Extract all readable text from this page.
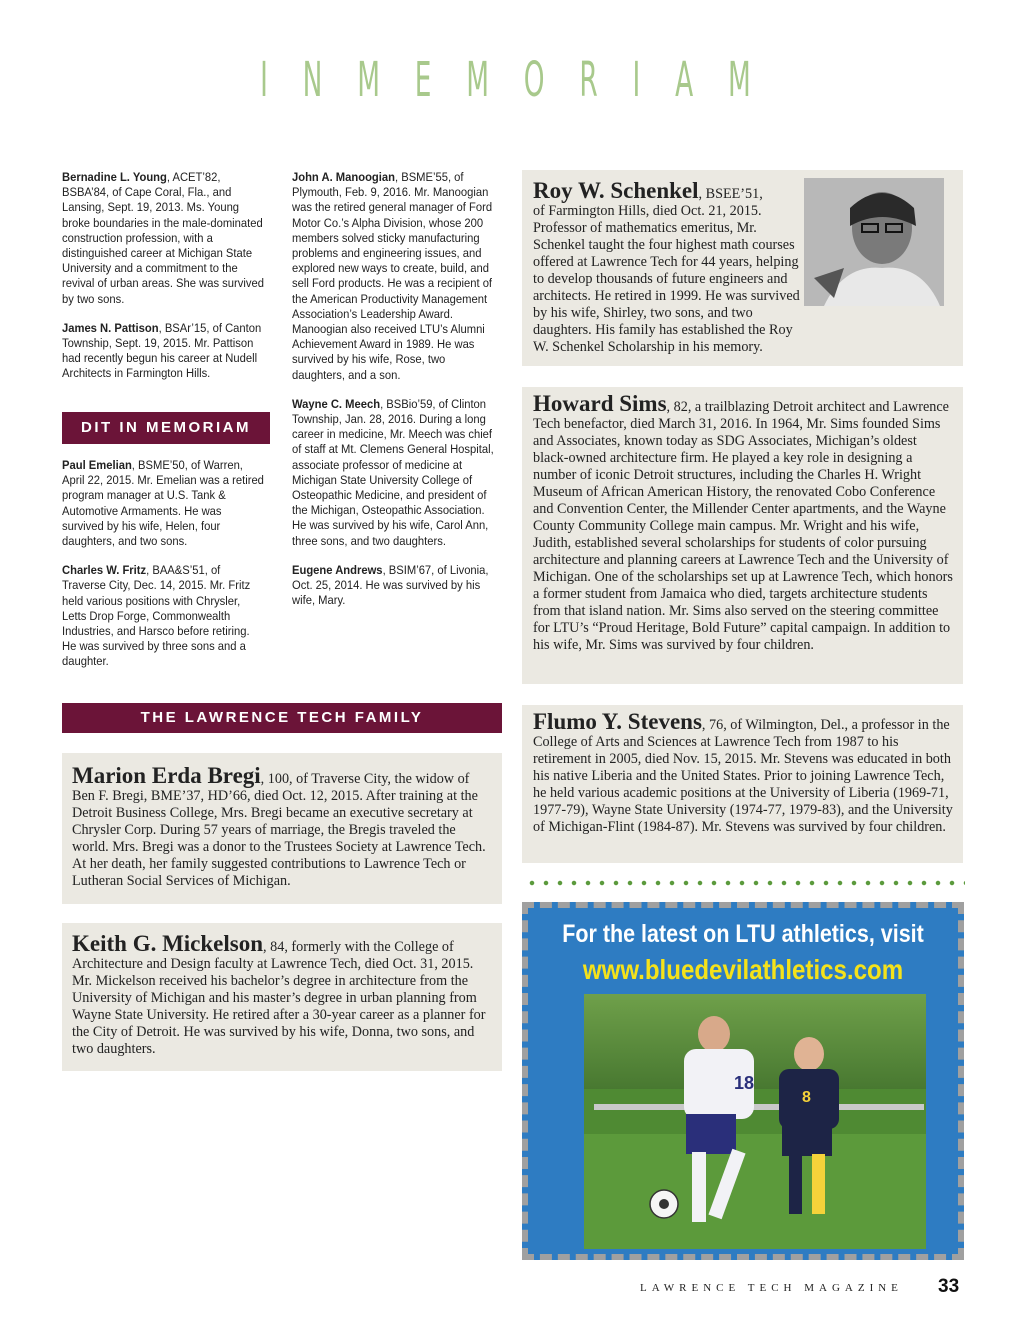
I N M E M O R I A M

Bernadine L. Young, ACET’82, BSBA’84, of Cape Coral, Fla., and Lansing, Sept. 19, 2013. Ms. Young broke boundaries in the male-dominated construction profession, with a distinguished career at Michigan State University and a commitment to the revival of urban areas. She was survived by two sons.

James N. Pattison, BSAr’15, of Canton Township, Sept. 19, 2015. Mr. Pattison had recently begun his career at Nudell Architects in Farmington Hills.

DIT IN MEMORIAM

Paul Emelian, BSME’50, of Warren, April 22, 2015. Mr. Emelian was a retired program manager at U.S. Tank & Automotive Armaments. He was survived by his wife, Helen, four daughters, and two sons.

Charles W. Fritz, BAA&S’51, of Traverse City, Dec. 14, 2015. Mr. Fritz held various positions with Chrysler, Letts Drop Forge, Commonwealth Industries, and Harsco before retiring. He was survived by three sons and a daughter.

John A. Manoogian, BSME’55, of Plymouth, Feb. 9, 2016. Mr. Manoogian was the retired general manager of Ford Motor Co.’s Alpha Division, whose 200 members solved sticky manufacturing problems and engineering issues, and explored new ways to create, build, and sell Ford products. He was a recipient of the American Productivity Management Association’s Leadership Award. Manoogian also received LTU’s Alumni Achievement Award in 1989. He was survived by his wife, Rose, two daughters, and a son.

Wayne C. Meech, BSBio’59, of Clinton Township, Jan. 28, 2016. During a long career in medicine, Mr. Meech was chief of staff at Mt. Clemens General Hospital, associate professor of medicine at Michigan State University College of Osteopathic Medicine, and president of the Michigan, Osteopathic Association. He was survived by his wife, Carol Ann, three sons, and two daughters.

Eugene Andrews, BSIM’67, of Livonia, Oct. 25, 2014. He was survived by his wife, Mary.

Roy W. Schenkel, BSEE’51,
of Farmington Hills, died Oct. 21, 2015. Professor of mathematics emeritus, Mr. Schenkel taught the four highest math courses offered at Lawrence Tech for 44 years, helping to develop thousands of future engineers and architects. He retired in 1999. He was survived by his wife, Shirley, two sons, and two daughters. His family has established the Roy W. Schenkel Scholarship in his memory.
Howard Sims, 82, a trailblazing Detroit architect and Lawrence Tech benefactor, died March 31, 2016. In 1964, Mr. Sims founded Sims and Associates, known today as SDG Associates, Michigan’s oldest black-owned architecture firm. He played a key role in designing a number of iconic Detroit structures, including the Charles H. Wright Museum of African American History, the renovated Cobo Conference and Convention Center, the Millender Center apartments, and the Wayne County Community College main campus. Mr. Wright and his wife, Judith, established several scholarships for students of color pursuing architecture and planning careers at Lawrence Tech and the University of Michigan. One of the scholarships set up at Lawrence Tech, which honors a former student from Jamaica who died, targets architecture students from that island nation. Mr. Sims also served on the steering committee for LTU’s “Proud Heritage, Bold Future” capital campaign. In addition to his wife, Mr. Sims was survived by four children.
THE LAWRENCE TECH FAMILY	Flumo Y. Stevens, 76, of Wilmington, Del., a professor in the College of Arts and Sciences at Lawrence Tech from 1987 to his retirement in 2005, died Nov. 15, 2015. Mr. Stevens was educated in both his native Liberia and the United States. Prior to joining Lawrence Tech, he held various academic positions at the University of Liberia (1969-71, 1977-79), Wayne State University (1974-77, 1979-83), and the University of Michigan-Flint (1984-87). Mr. Stevens was survived by four children.
Marion Erda Bregi, 100, of Traverse City, the widow of Ben F. Bregi, BME’37, HD’66, died Oct. 12, 2015. After training at the Detroit Business College, Mrs. Bregi became an executive secretary at Chrysler Corp. During 57 years of marriage, the Bregis traveled the world. Mrs. Bregi was a donor to the Trustees Society at Lawrence Tech. At her death, her family suggested contributions to Lawrence Tech or Lutheran Social Services of Michigan.
Keith G. Mickelson, 84, formerly with the College of Architecture and Design faculty at Lawrence Tech, died Oct. 31, 2015. Mr. Mickelson received his bachelor’s degree in architecture from the University of Michigan and his master’s degree in urban planning from Wayne State University. He retired after a 30-year career as a planner for the City of Detroit. He was survived by his wife, Donna, two sons, and two daughters.
For the latest on LTU athletics, visit
www.bluedevilathletics.com
18
8
LAWRENCE TECH MAGAZINE 33
